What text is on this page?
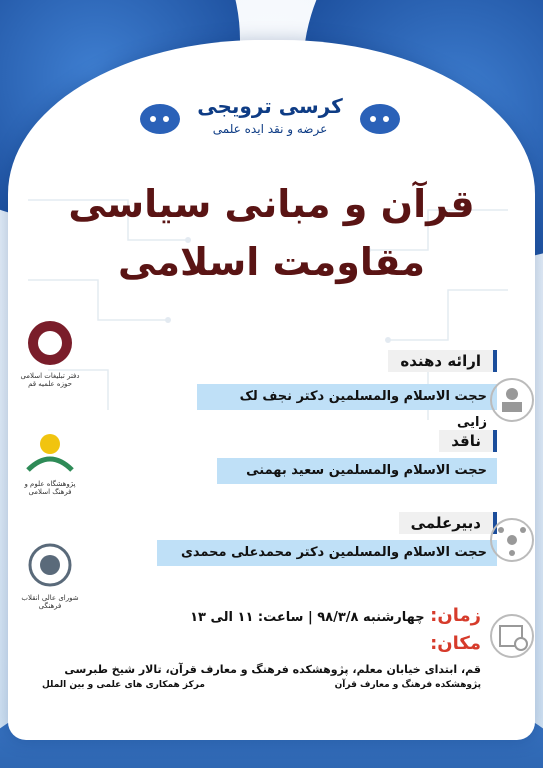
کرسی ترویجی
عرضه و نقد ایده علمی
قرآن و مبانی سیاسی
مقاومت اسلامی
ارائه دهنده
حجت الاسلام والمسلمین دکتر نجف لک زایی
ناقد
حجت الاسلام والمسلمین سعید بهمنی
دبیرعلمی
حجت الاسلام والمسلمین دکتر محمدعلی محمدی
دفتر تبلیغات اسلامی حوزه علمیه قم
پژوهشگاه علوم و فرهنگ اسلامی
شورای عالی انقلاب فرهنگی	زمان: چهارشنبه ۹۸/۳/۸ | ساعت: ۱۱ الی ۱۳
مکان: قم، ابتدای خیابان معلم، پژوهشکده فرهنگ و معارف قرآن، تالار شیخ طبرسی
پژوهشکده فرهنگ و معارف قرآن
مرکز همکاری های علمی و بین الملل
